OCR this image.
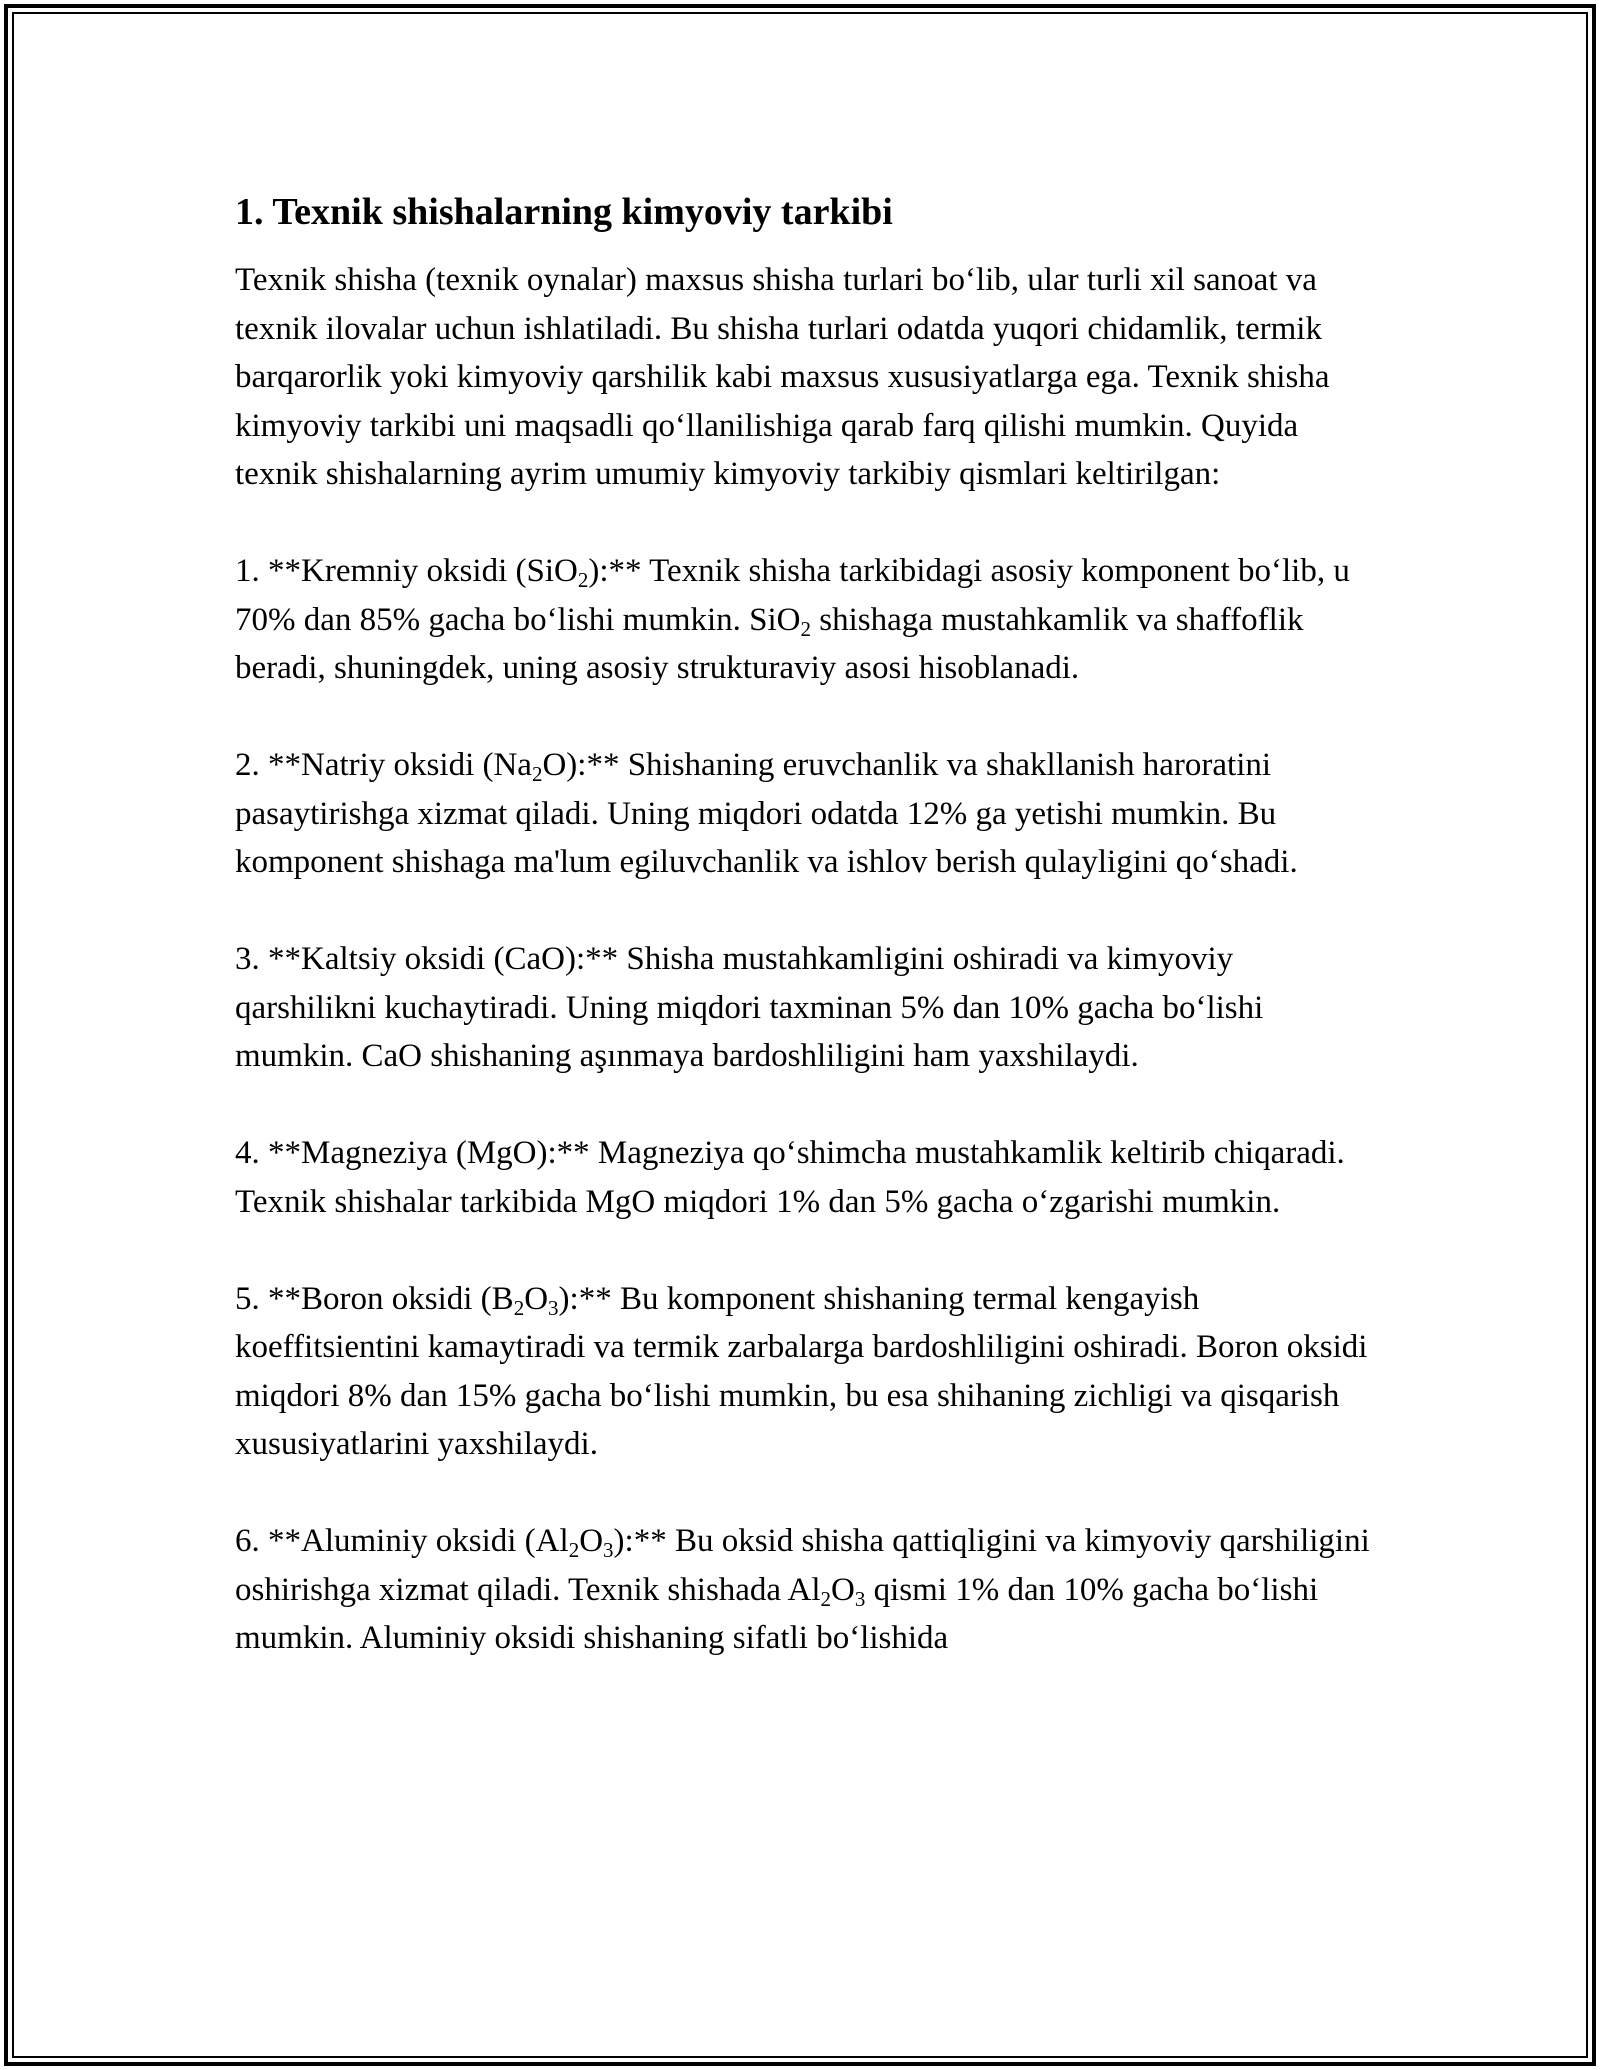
1. Texnik shishalarning kimyoviy tarkibi

Texnik shisha (texnik oynalar) maxsus shisha turlari bo‘lib, ular turli xil sanoat va texnik ilovalar uchun ishlatiladi. Bu shisha turlari odatda yuqori chidamlik, termik barqarorlik yoki kimyoviy qarshilik kabi maxsus xususiyatlarga ega. Texnik shisha kimyoviy tarkibi uni maqsadli qo‘llanilishiga qarab farq qilishi mumkin. Quyida texnik shishalarning ayrim umumiy kimyoviy tarkibiy qismlari keltirilgan:

1. **Kremniy oksidi (SiO$_2$):** Texnik shisha tarkibidagi asosiy komponent bo‘lib, u 70% dan 85% gacha bo‘lishi mumkin. SiO$_2$ shishaga mustahkamlik va shaffoflik beradi, shuningdek, uning asosiy strukturaviy asosi hisoblanadi.

2. **Natriy oksidi $(Na_2O):**$ Shishaning eruvchanlik va shakllanish haroratini pasaytirishga xizmat qiladi. Uning miqdori odatda 12% ga yetishi mumkin. Bu komponent shishaga ma'lum egiluvchanlik va ishlov berish qulayligini qo‘shadi.

3. **Kaltsiy oksidi (CaO):** Shisha mustahkamligini oshiradi va kimyoviy qarshilikni kuchaytiradi. Uning miqdori taxminan 5% dan 10% gacha bo‘lishi mumkin. CaO shishaning aşınmaya bardoshliligini ham yaxshilaydi.

4. **Magneziya (MgO):** Magneziya qo‘shimcha mustahkamlik keltirib chiqaradi. Texnik shishalar tarkibida MgO miqdori 1% dan 5% gacha o‘zgarishi mumkin.

5. **Boron oksidi $(B_2O_3):**$ Bu komponent shishaning termal kengayish koeffitsientini kamaytiradi va termik zarbalarga bardoshliligini oshiradi. Boron oksidi miqdori 8% dan 15% gacha bo‘lishi mumkin, bu esa shihaning zichligi va qisqarish xususiyatlarini yaxshilaydi.

6. **Aluminiy oksidi $(Al_2O_3):**$ Bu oksid shisha qattiqligini va kimyoviy qarshiligini oshirishga xizmat qiladi. Texnik shishada $Al_2O_3$ qismi 1% dan 10% gacha bo‘lishi mumkin. Aluminiy oksidi shishaning sifatli bo‘lishida
